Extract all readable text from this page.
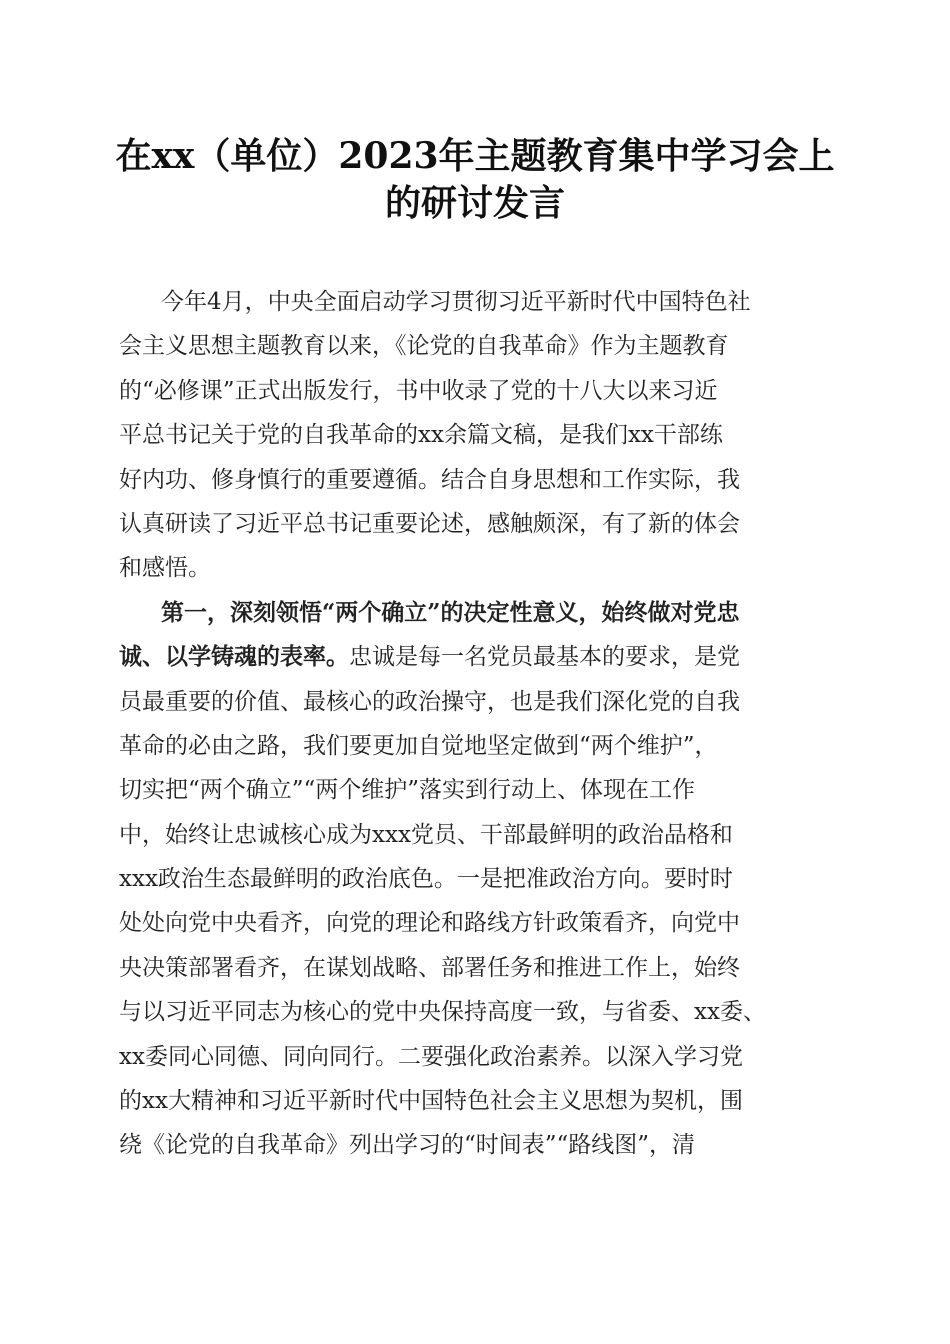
在xx（单位）2023年主题教育集中学习会上
的研讨发言
今年4月，中央全面启动学习贯彻习近平新时代中国特色社
会主义思想主题教育以来，《论党的自我革命》作为主题教育
的“必修课”正式出版发行，书中收录了党的十八大以来习近
平总书记关于党的自我革命的xx余篇文稿，是我们xx干部练
好内功、修身慎行的重要遵循。结合自身思想和工作实际，我
认真研读了习近平总书记重要论述，感触颇深，有了新的体会
和感悟。
第一，深刻领悟“两个确立”的决定性意义，始终做对党忠
诚、以学铸魂的表率。忠诚是每一名党员最基本的要求，是党
员最重要的价值、最核心的政治操守，也是我们深化党的自我
革命的必由之路，我们要更加自觉地坚定做到“两个维护”，
切实把“两个确立”“两个维护”落实到行动上、体现在工作
中，始终让忠诚核心成为xxx党员、干部最鲜明的政治品格和
xxx政治生态最鲜明的政治底色。一是把准政治方向。要时时
处处向党中央看齐，向党的理论和路线方针政策看齐，向党中
央决策部署看齐，在谋划战略、部署任务和推进工作上，始终
与以习近平同志为核心的党中央保持高度一致，与省委、xx委、
xx委同心同德、同向同行。二要强化政治素养。以深入学习党
的xx大精神和习近平新时代中国特色社会主义思想为契机，围
绕《论党的自我革命》列出学习的“时间表”“路线图”，清
